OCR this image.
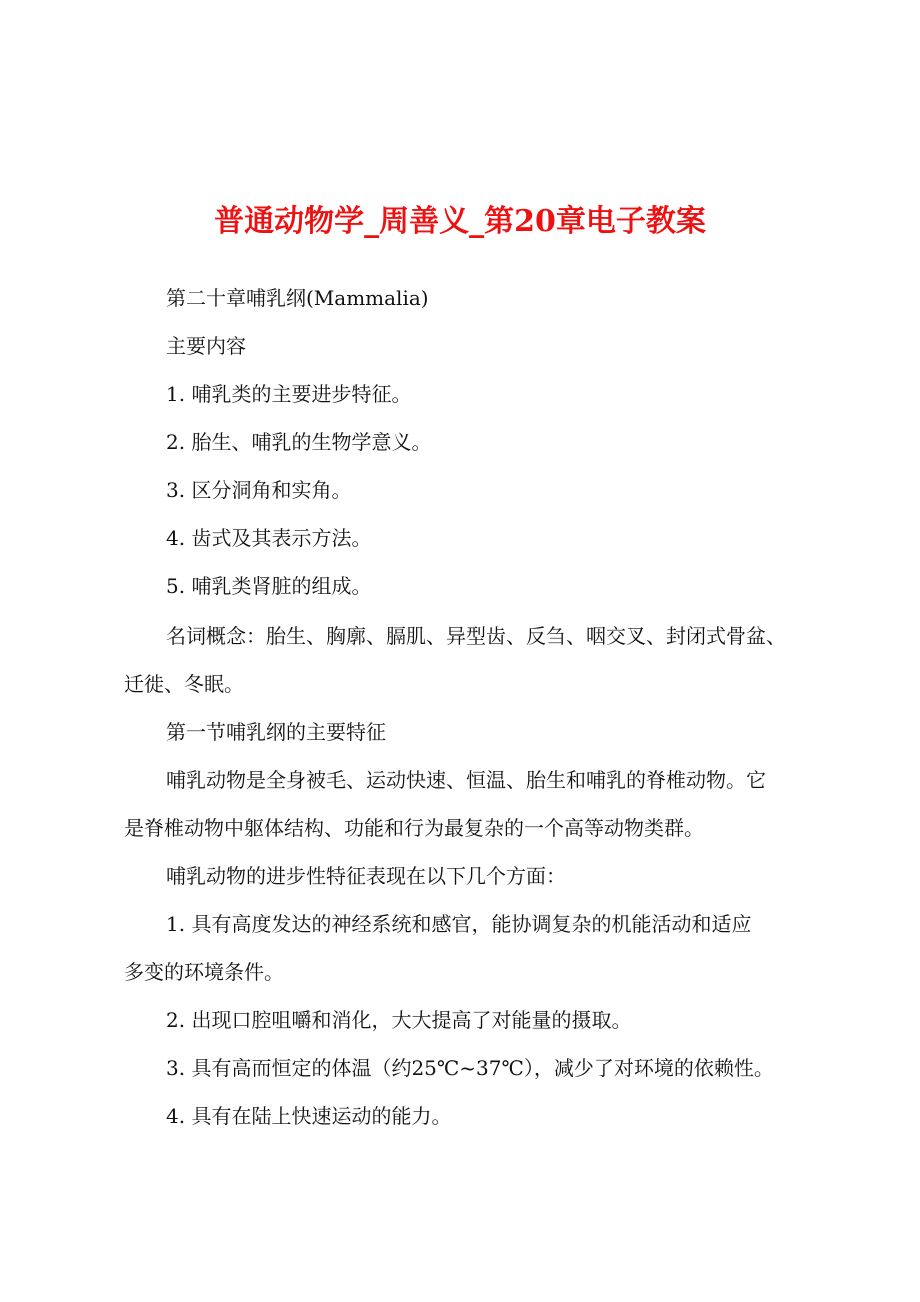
普通动物学_周善义_第20章电子教案
第二十章哺乳纲(Mammalia)
主要内容
1. 哺乳类的主要进步特征。
2. 胎生、哺乳的生物学意义。
3. 区分洞角和实角。
4. 齿式及其表示方法。
5. 哺乳类肾脏的组成。
名词概念：胎生、胸廓、膈肌、异型齿、反刍、咽交叉、封闭式骨盆、
迁徙、冬眠。
第一节哺乳纲的主要特征
哺乳动物是全身被毛、运动快速、恒温、胎生和哺乳的脊椎动物。它
是脊椎动物中躯体结构、功能和行为最复杂的一个高等动物类群。
哺乳动物的进步性特征表现在以下几个方面：
1. 具有高度发达的神经系统和感官，能协调复杂的机能活动和适应
多变的环境条件。
2. 出现口腔咀嚼和消化，大大提高了对能量的摄取。
3. 具有高而恒定的体温（约25℃~37℃），减少了对环境的依赖性。
4. 具有在陆上快速运动的能力。
